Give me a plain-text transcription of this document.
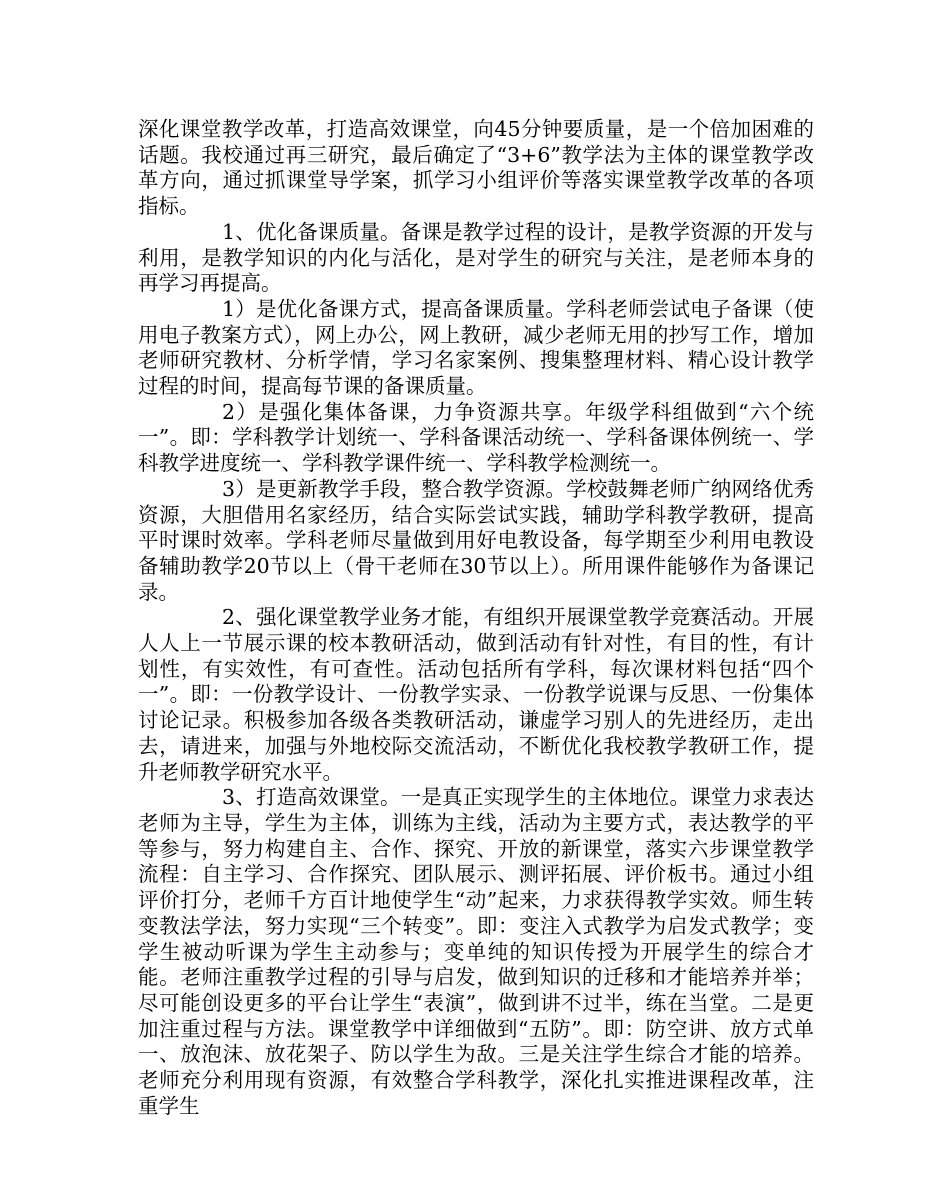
深化课堂教学改革，打造高效课堂，向45分钟要质量，是一个倍加困难的话题。我校通过再三研究，最后确定了“3+6”教学法为主体的课堂教学改革方向，通过抓课堂导学案，抓学习小组评价等落实课堂教学改革的各项指标。

1、优化备课质量。备课是教学过程的设计，是教学资源的开发与利用，是教学知识的内化与活化，是对学生的研究与关注，是老师本身的再学习再提高。

1）是优化备课方式，提高备课质量。学科老师尝试电子备课（使用电子教案方式），网上办公，网上教研，减少老师无用的抄写工作，增加老师研究教材、分析学情，学习名家案例、搜集整理材料、精心设计教学过程的时间，提高每节课的备课质量。

2）是强化集体备课，力争资源共享。年级学科组做到“六个统一”。即：学科教学计划统一、学科备课活动统一、学科备课体例统一、学科教学进度统一、学科教学课件统一、学科教学检测统一。

3）是更新教学手段，整合教学资源。学校鼓舞老师广纳网络优秀资源，大胆借用名家经历，结合实际尝试实践，辅助学科教学教研，提高平时课时效率。学科老师尽量做到用好电教设备，每学期至少利用电教设备辅助教学20节以上（骨干老师在30节以上）。所用课件能够作为备课记录。

2、强化课堂教学业务才能，有组织开展课堂教学竞赛活动。开展人人上一节展示课的校本教研活动，做到活动有针对性，有目的性，有计划性，有实效性，有可查性。活动包括所有学科，每次课材料包括“四个一”。即：一份教学设计、一份教学实录、一份教学说课与反思、一份集体讨论记录。积极参加各级各类教研活动，谦虚学习别人的先进经历，走出去，请进来，加强与外地校际交流活动，不断优化我校教学教研工作，提升老师教学研究水平。

3、打造高效课堂。一是真正实现学生的主体地位。课堂力求表达老师为主导，学生为主体，训练为主线，活动为主要方式，表达教学的平等参与，努力构建自主、合作、探究、开放的新课堂，落实六步课堂教学流程：自主学习、合作探究、团队展示、测评拓展、评价板书。通过小组评价打分，老师千方百计地使学生“动”起来，力求获得教学实效。师生转变教法学法，努力实现“三个转变”。即：变注入式教学为启发式教学；变学生被动听课为学生主动参与；变单纯的知识传授为开展学生的综合才能。老师注重教学过程的引导与启发，做到知识的迁移和才能培养并举；尽可能创设更多的平台让学生“表演”，做到讲不过半，练在当堂。二是更加注重过程与方法。课堂教学中详细做到“五防”。即：防空讲、放方式单一、放泡沫、放花架子、防以学生为敌。三是关注学生综合才能的培养。老师充分利用现有资源，有效整合学科教学，深化扎实推进课程改革，注重学生
